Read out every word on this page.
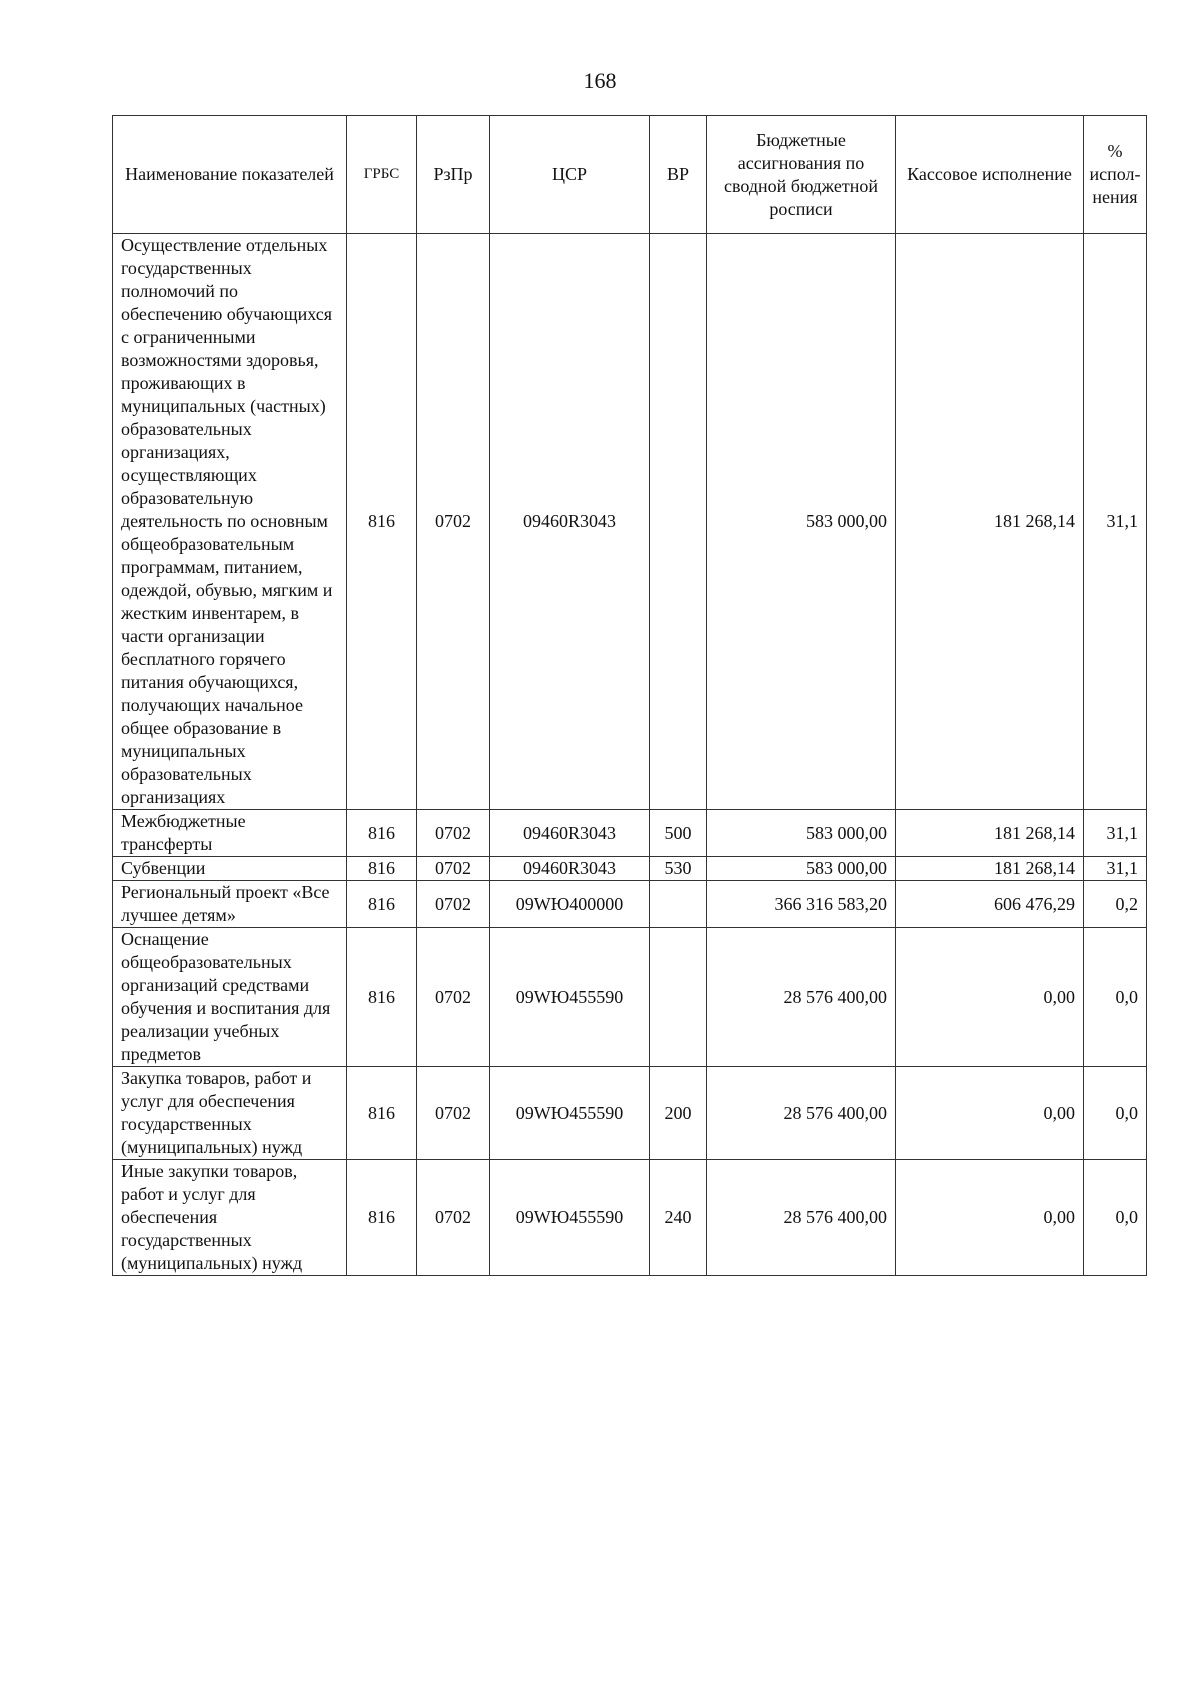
168
Наименование показателей	ГРБС	РзПр	ЦСР	ВР	Бюджетные ассигнования по сводной бюджетной росписи	Кассовое исполнение	% испол-нения
Осуществление отдельных государственных полномочий по обеспечению обучающихся с ограниченными возможностями здоровья, проживающих в муниципальных (частных) образовательных организациях, осуществляющих образовательную деятельность по основным общеобразовательным программам, питанием, одеждой, обувью, мягким и жестким инвентарем, в части организации бесплатного горячего питания обучающихся, получающих начальное общее образование в муниципальных образовательных организациях	816	0702	09460R3043		583 000,00	181 268,14	31,1
Межбюджетные трансферты	816	0702	09460R3043	500	583 000,00	181 268,14	31,1
Субвенции	816	0702	09460R3043	530	583 000,00	181 268,14	31,1
Региональный проект «Все лучшее детям»	816	0702	09WЮ400000		366 316 583,20	606 476,29	0,2
Оснащение общеобразовательных организаций средствами обучения и воспитания для реализации учебных предметов	816	0702	09WЮ455590		28 576 400,00	0,00	0,0
Закупка товаров, работ и услуг для обеспечения государственных (муниципальных) нужд	816	0702	09WЮ455590	200	28 576 400,00	0,00	0,0
Иные закупки товаров, работ и услуг для обеспечения государственных (муниципальных) нужд	816	0702	09WЮ455590	240	28 576 400,00	0,00	0,0
